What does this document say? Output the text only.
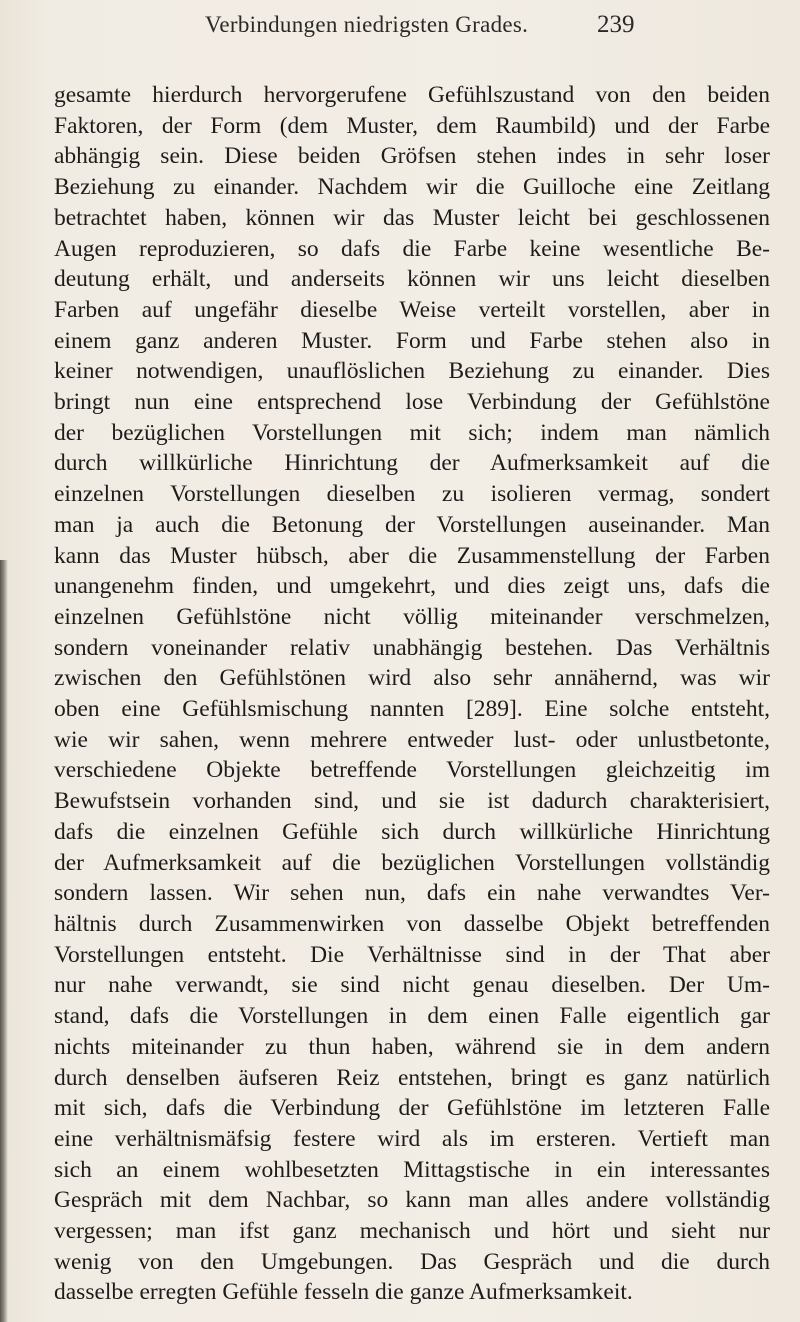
Verbindungen niedrigsten Grades.	239
gesamte hierdurch hervorgerufene Gefühlszustand von den beiden
Faktoren, der Form (dem Muster, dem Raumbild) und der Farbe
abhängig sein. Diese beiden Gröfsen stehen indes in sehr loser
Beziehung zu einander. Nachdem wir die Guilloche eine Zeitlang
betrachtet haben, können wir das Muster leicht bei geschlossenen
Augen reproduzieren, so dafs die Farbe keine wesentliche Be-
deutung erhält, und anderseits können wir uns leicht dieselben
Farben auf ungefähr dieselbe Weise verteilt vorstellen, aber in
einem ganz anderen Muster. Form und Farbe stehen also in
keiner notwendigen, unauflöslichen Beziehung zu einander. Dies
bringt nun eine entsprechend lose Verbindung der Gefühlstöne
der bezüglichen Vorstellungen mit sich; indem man nämlich
durch willkürliche Hinrichtung der Aufmerksamkeit auf die
einzelnen Vorstellungen dieselben zu isolieren vermag, sondert
man ja auch die Betonung der Vorstellungen auseinander. Man
kann das Muster hübsch, aber die Zusammenstellung der Farben
unangenehm finden, und umgekehrt, und dies zeigt uns, dafs die
einzelnen Gefühlstöne nicht völlig miteinander verschmelzen,
sondern voneinander relativ unabhängig bestehen. Das Verhältnis
zwischen den Gefühlstönen wird also sehr annähernd, was wir
oben eine Gefühlsmischung nannten [289]. Eine solche entsteht,
wie wir sahen, wenn mehrere entweder lust- oder unlustbetonte,
verschiedene Objekte betreffende Vorstellungen gleichzeitig im
Bewufstsein vorhanden sind, und sie ist dadurch charakterisiert,
dafs die einzelnen Gefühle sich durch willkürliche Hinrichtung
der Aufmerksamkeit auf die bezüglichen Vorstellungen vollständig
sondern lassen. Wir sehen nun, dafs ein nahe verwandtes Ver-
hältnis durch Zusammenwirken von dasselbe Objekt betreffenden
Vorstellungen entsteht. Die Verhältnisse sind in der That aber
nur nahe verwandt, sie sind nicht genau dieselben. Der Um-
stand, dafs die Vorstellungen in dem einen Falle eigentlich gar
nichts miteinander zu thun haben, während sie in dem andern
durch denselben äufseren Reiz entstehen, bringt es ganz natürlich
mit sich, dafs die Verbindung der Gefühlstöne im letzteren Falle
eine verhältnismäfsig festere wird als im ersteren. Vertieft man
sich an einem wohlbesetzten Mittagstische in ein interessantes
Gespräch mit dem Nachbar, so kann man alles andere vollständig
vergessen; man ifst ganz mechanisch und hört und sieht nur
wenig von den Umgebungen. Das Gespräch und die durch
dasselbe erregten Gefühle fesseln die ganze Aufmerksamkeit.
